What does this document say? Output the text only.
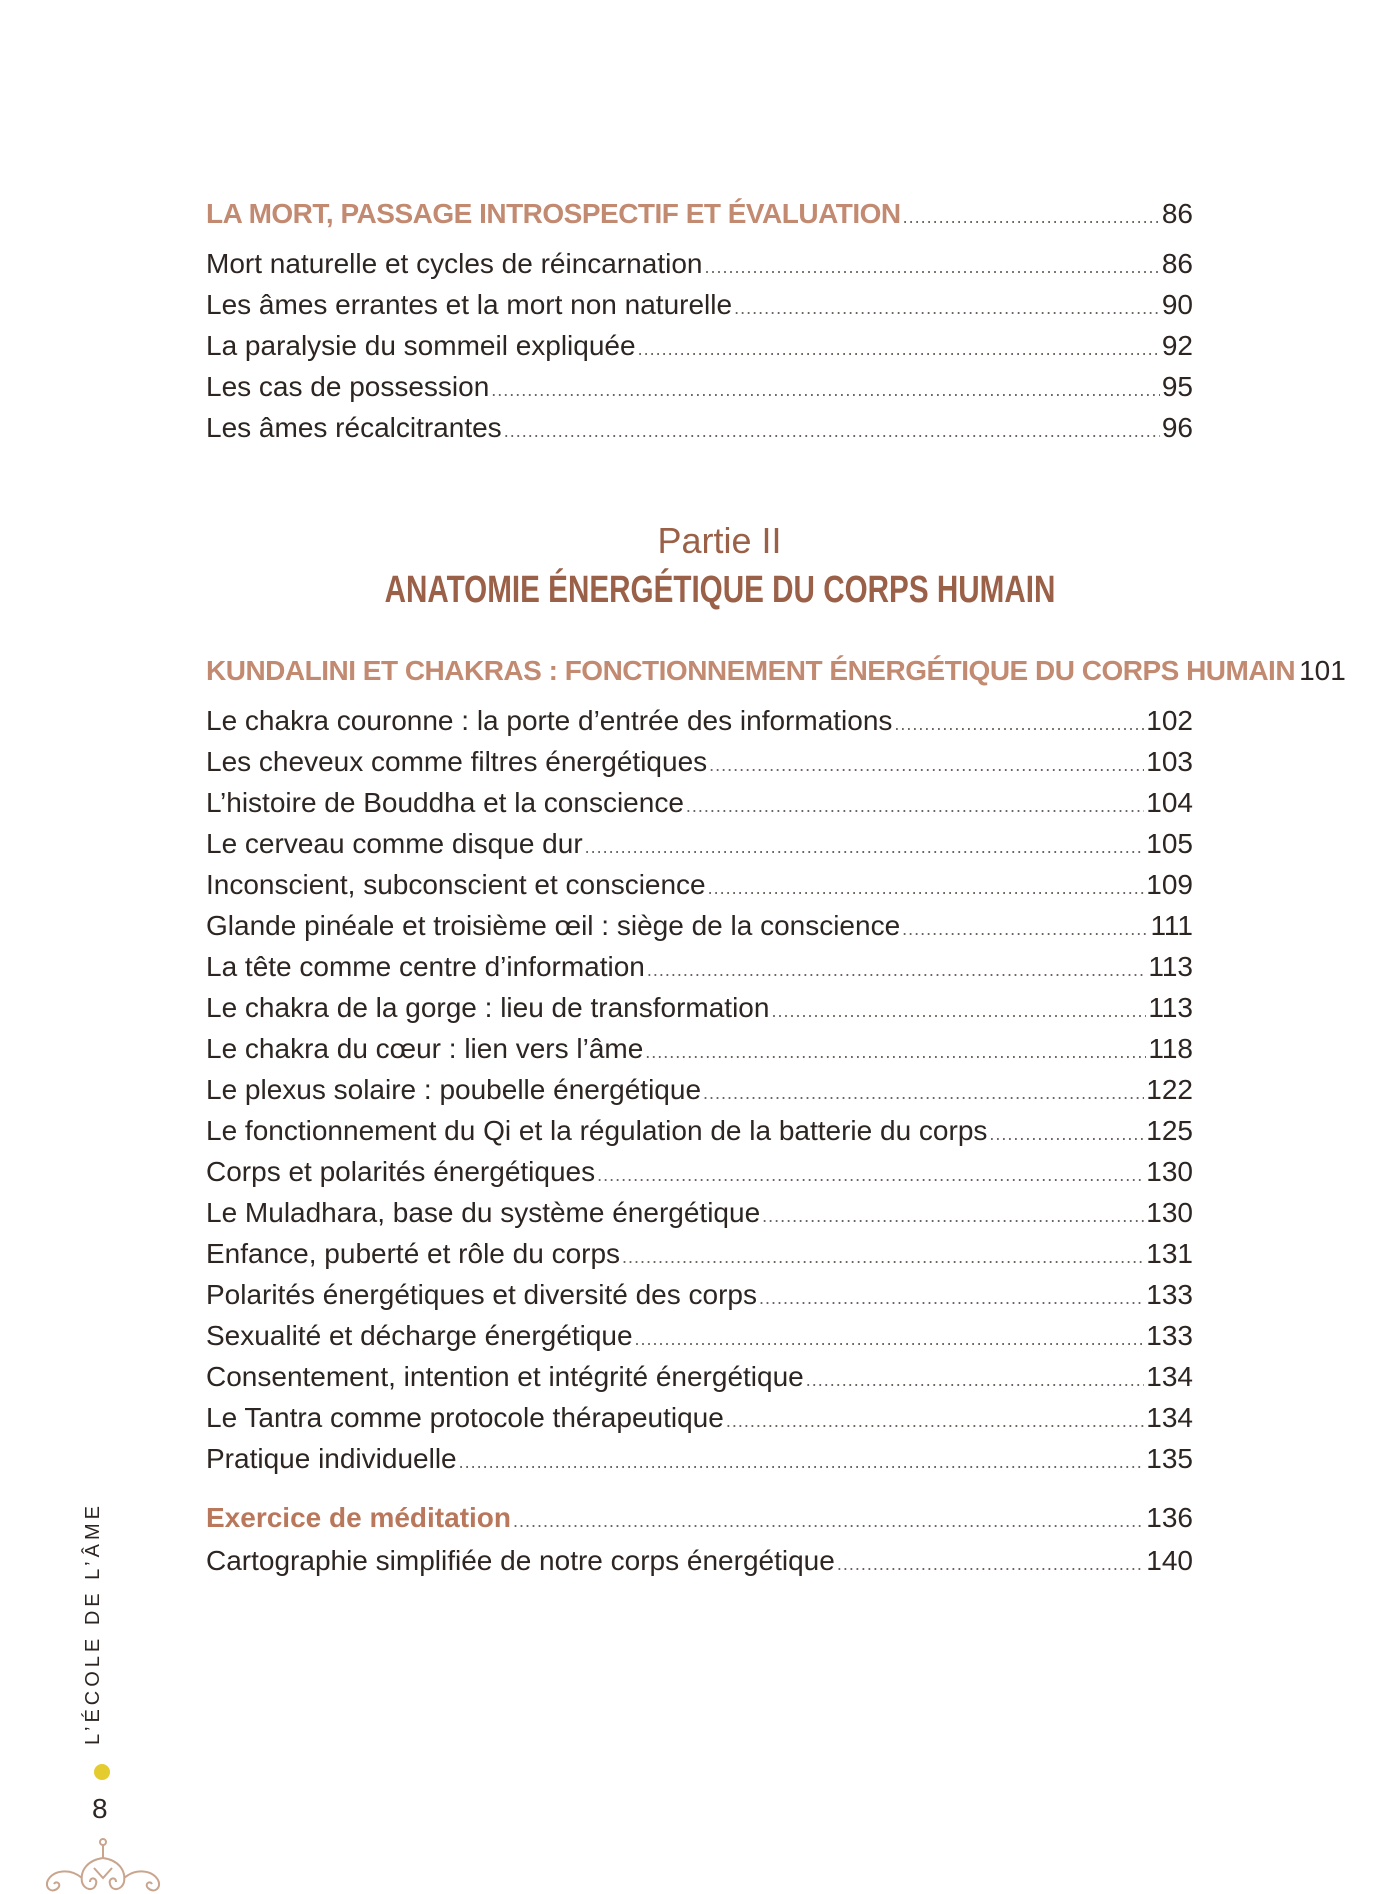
LA MORT, PASSAGE INTROSPECTIF ET ÉVALUATION .....	86
Mort naturelle et cycles de réincarnation .....	86
Les âmes errantes et la mort non naturelle .....	90
La paralysie du sommeil expliquée .....	92
Les cas de possession .....	95
Les âmes récalcitrantes .....	96
Partie II
ANATOMIE ÉNERGÉTIQUE DU CORPS HUMAIN
KUNDALINI ET CHAKRAS : FONCTIONNEMENT ÉNERGÉTIQUE DU CORPS HUMAIN 101
Le chakra couronne : la porte d’entrée des informations .....	102
Les cheveux comme filtres énergétiques .....	103
L’histoire de Bouddha et la conscience .....	104
Le cerveau comme disque dur .....	105
Inconscient, subconscient et conscience .....	109
Glande pinéale et troisième œil : siège de la conscience .....	111
La tête comme centre d’information .....	113
Le chakra de la gorge : lieu de transformation .....	113
Le chakra du cœur : lien vers l’âme .....	118
Le plexus solaire : poubelle énergétique .....	122
Le fonctionnement du Qi et la régulation de la batterie du corps .....	125
Corps et polarités énergétiques .....	130
Le Muladhara, base du système énergétique .....	130
Enfance, puberté et rôle du corps .....	131
Polarités énergétiques et diversité des corps .....	133
Sexualité et décharge énergétique .....	133
Consentement, intention et intégrité énergétique .....	134
Le Tantra comme protocole thérapeutique .....	134
Pratique individuelle .....	135
Exercice de méditation .....	136
Cartographie simplifiée de notre corps énergétique .....	140
L’ÉCOLE DE L’ÂME
8
